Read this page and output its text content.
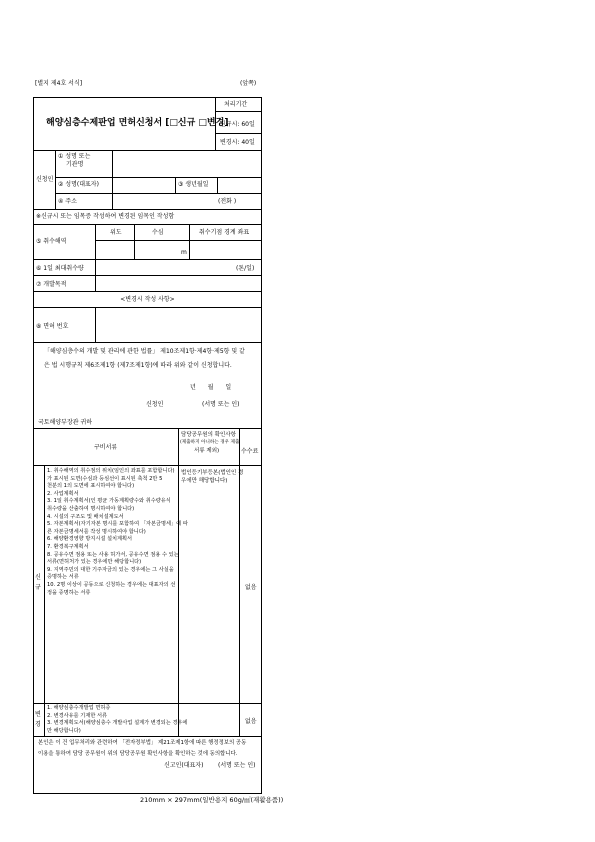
[별지 제4호 서식]	(앞쪽)
해양심층수제판업 면허신청서 [□신규 □변경]
처리기간
신규시: 60일
변경시: 40일
신청인
① 성명 또는
기관명
② 성명(대표자)	③ 생년월일
④ 주소	(전화 )
※신규시 또는 임목증 작성하여 변경된 임목인 작성함
⑤ 취수해역
위도	수심	취수기점 경계 좌표
m
⑥ 1일 최대취수량	(톤/일)
⑦ 개발목적
<변경시 작성 사항>
⑧ 면허 번호
「해양심층수의 개발 및 관리에 관한 법률」 제10조제1항·제4항·제5항 및 같
은 법 시행규칙 제6조제1항 (제7조제1항)에 따라 위와 같이 신청합니다.
년 월 일
신청인	(서명 또는 인)
국토해양부장관 귀하
구비서류
담당공무원의 확인사항
(제출하지 아니하는 경우 제출
서류 제외)	수수료
신규
1. 취수해역의 취수점의 위치(임인의 좌표를 포함합니다)
가 표시된 도면(수심과 등심선이 표시된 축척 2만 5
천분의 1의 도면에 표시하여야 합니다)
2. 사업계획서
3. 1일 취수계획서(인 평균 가동계획량수와 취수량유식
취수량을 산출하여 명시하여야 합니다)
4. 시설의 구조도 및 배치설계도서
5. 자본계획서(자기자본 명시를 포함하여 「자본금명세」에 따
른 자본금명세서를 작성 명시하여야 합니다)
6. 해양환경영향 방지시설 설치계획서
7. 환경복구계획서
8. 공유수면 점용 또는 사용 허가서, 공유수면 점용 수 있는
서류(면허처가 있는 경우에만 해당합니다)
9. 지역주민의 대한 기주자금의 있는 경우에는 그 사실을
증명하는 서류
10. 2명 이상이 공동으로 신청하는 경우에는 대표자의 선
정을 증명하는 서류
법인등기부등본(법인인 경
우에만 해당합니다)
없음
변경
1. 해양심층수개발업 면허증
2. 변경사유를 기재한 서류
3. 변경계획도서(해양심층수 개발사업 설계가 변경되는 경우에
만 해당합니다)
없음
본인은 이 건 업무처리와 관련하여 「전자정부법」 제21조제1항에 따른 행정정보의 공동
이용을 통하여 담당 공무원이 위의 담당공무원 확인사항을 확인하는 것에 동의합니다.
신고인(대표자) (서명 또는 인)
210mm × 297mm(일반용지 60g/㎡(재활용품))
